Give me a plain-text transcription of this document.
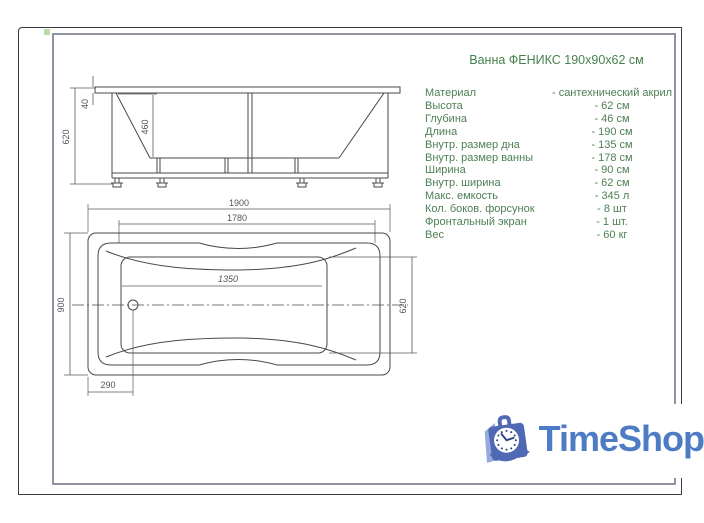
620
40
460
1900
1780
1350
900	620
290
Ванна ФЕНИКС 190х90х62 см
Материал	- сантехнический акрил
Высота	- 62 см
Глубина	- 46 см
Длина	- 190 см
Внутр. размер дна	- 135 см
Внутр. размер ванны	- 178 см
Ширина	- 90 см
Внутр. ширина	- 62 см
Макс. емкость	- 345 л
Кол. боков. форсунок	- 8 шт
Фронтальный экран	- 1 шт.
Вес	- 60 кг
TimeShop
